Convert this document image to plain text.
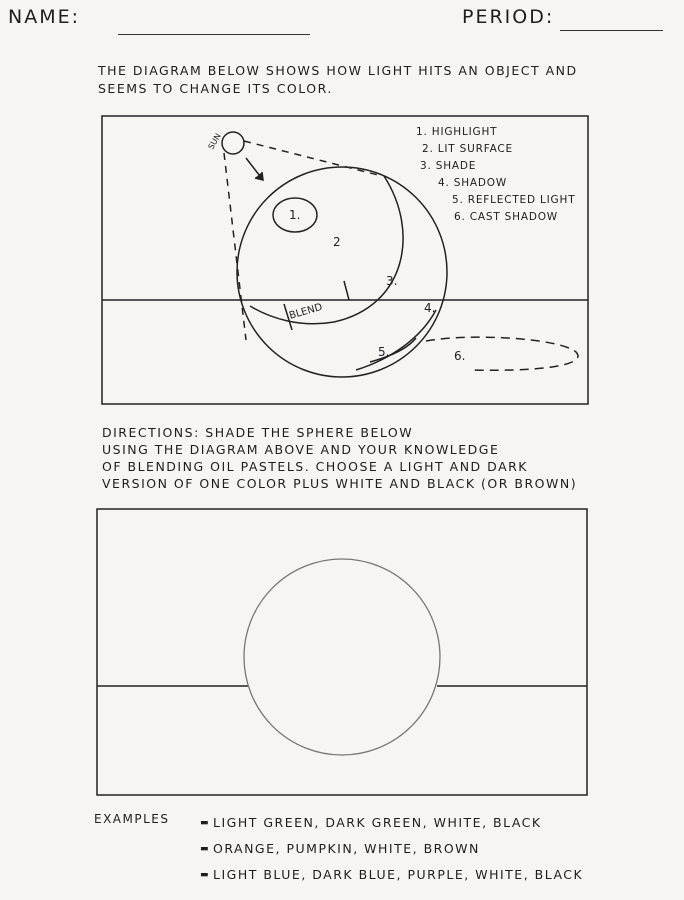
NAME:	PERIOD:
THE DIAGRAM BELOW SHOWS HOW LIGHT HITS AN OBJECT AND SEEMS TO CHANGE ITS COLOR.
1.
2
3.
4.
5.	6.
SUN
BLEND
1. HIGHLIGHT
2. LIT SURFACE
3. SHADE
4. SHADOW
5. REFLECTED LIGHT
6. CAST SHADOW
DIRECTIONS: SHADE THE SPHERE BELOW
USING THE DIAGRAM ABOVE AND YOUR KNOWLEDGE
OF BLENDING OIL PASTELS. CHOOSE A LIGHT AND DARK
VERSION OF ONE COLOR PLUS WHITE AND BLACK (OR BROWN)
EXAMPLES
▬	LIGHT GREEN, DARK GREEN, WHITE, BLACK
▬ ORANGE, PUMPKIN, WHITE, BROWN
▬ LIGHT BLUE, DARK BLUE, PURPLE, WHITE, BLACK
